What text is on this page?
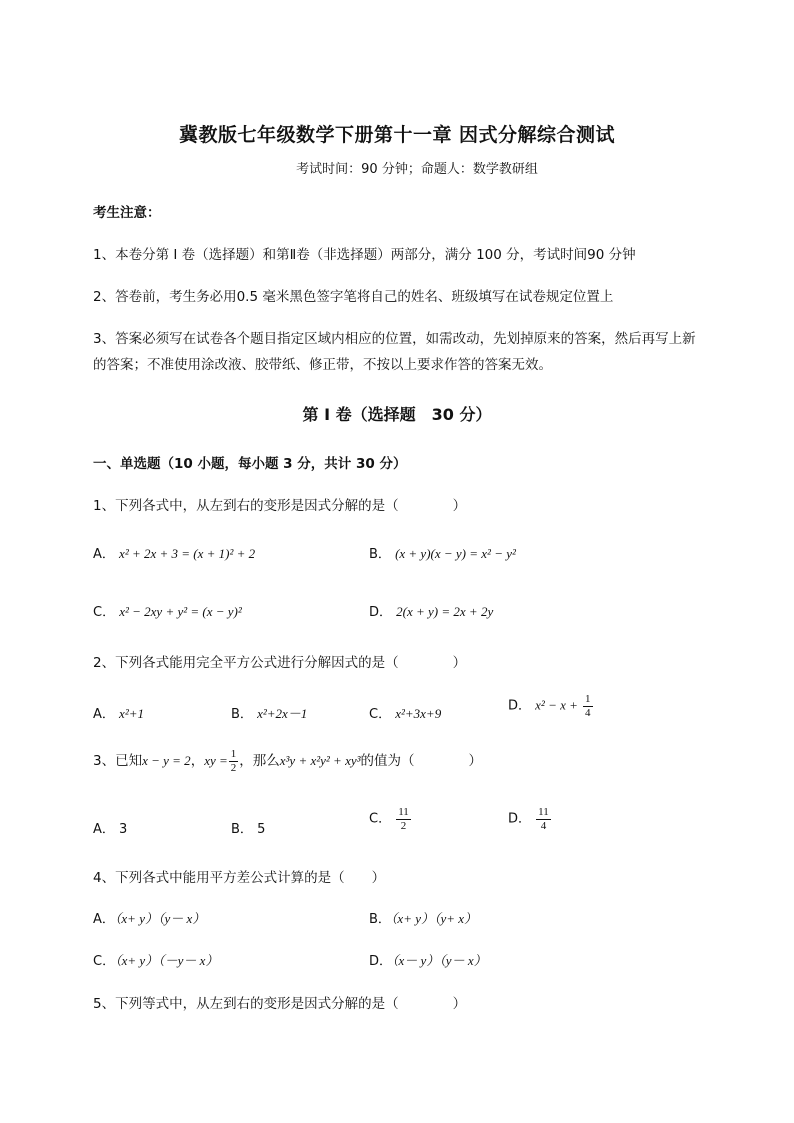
冀教版七年级数学下册第十一章 因式分解综合测试
考试时间：90 分钟；命题人：数学教研组
考生注意：
1、本卷分第 I 卷（选择题）和第Ⅱ卷（非选择题）两部分，满分 100 分，考试时间90 分钟
2、答卷前，考生务必用0.5 毫米黑色签字笔将自己的姓名、班级填写在试卷规定位置上
3、答案必须写在试卷各个题目指定区域内相应的位置，如需改动，先划掉原来的答案，然后再写上新
的答案；不准使用涂改液、胶带纸、修正带，不按以上要求作答的答案无效。
第 I 卷（选择题　30 分）
一、单选题（10 小题，每小题 3 分，共计 30 分）
1、下列各式中，从左到右的变形是因式分解的是（　　　　）
A． x² + 2x + 3 = (x + 1)² + 2	B． (x + y)(x − y) = x² − y²
C． x² − 2xy + y² = (x − y)²	D． 2(x + y) = 2x + 2y
2、下列各式能用完全平方公式进行分解因式的是（　　　　）
A． x²+1	B． x²+2x－1	C． x²+3x+9	D． $x^2 - x + \frac{1}{4}$
3、已知x − y = 2，xy = $\frac{1}{2}$ ，那么x³y + x²y² + xy³的值为（　　　　）
A． 3	B． 5
C． $\frac{11}{2}$	D． $\frac{11}{4}$
4、下列各式中能用平方差公式计算的是（　　）
A．（x+ y）（y－ x）	B．（x+ y）（y+ x）
C．（x+ y）（－y－ x）	D．（x－ y）（y－ x）
5、下列等式中，从左到右的变形是因式分解的是（　　　　）
